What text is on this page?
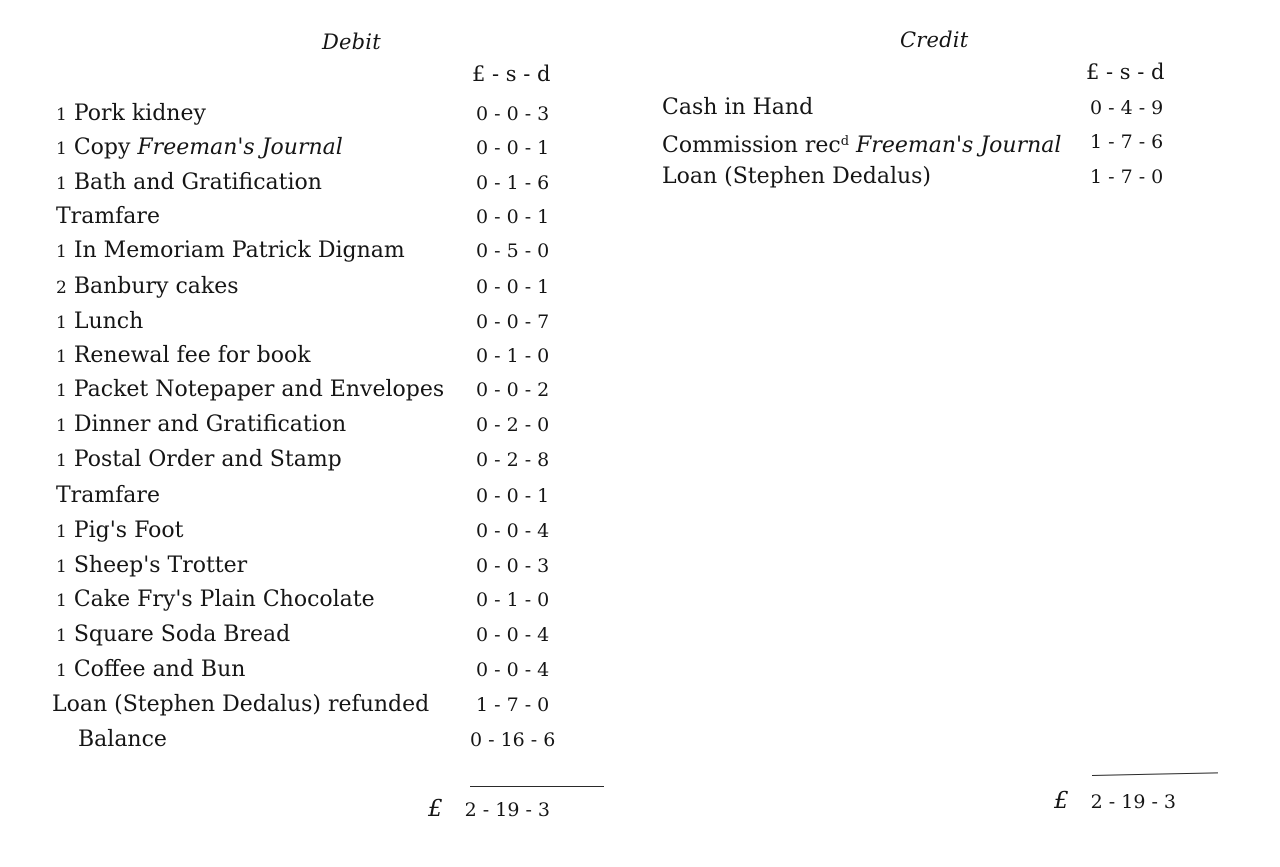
Debit
£ - s - d
1 Pork kidney	0 - 0 - 3
1 Copy Freeman's Journal	0 - 0 - 1
1 Bath and Gratification	0 - 1 - 6
Tramfare	0 - 0 - 1
1 In Memoriam Patrick Dignam	0 - 5 - 0
2 Banbury cakes	0 - 0 - 1
1 Lunch	0 - 0 - 7
1 Renewal fee for book	0 - 1 - 0
1 Packet Notepaper and Envelopes 0 - 0 - 2
1 Dinner and Gratification	0 - 2 - 0
1 Postal Order and Stamp	0 - 2 - 8
Tramfare	0 - 0 - 1
1 Pig's Foot	0 - 0 - 4
1 Sheep's Trotter	0 - 0 - 3
1 Cake Fry's Plain Chocolate	0 - 1 - 0
1 Square Soda Bread	0 - 0 - 4
1 Coffee and Bun	0 - 0 - 4
Loan (Stephen Dedalus) refunded 1 - 7 - 0
Balance	0 - 16 - 6
£ 2 - 19 - 3
Credit
£ - s - d
Cash in Hand	0 - 4 - 9
Commission rec$^d$ Freeman's Journal 1 - 7 - 6
Loan (Stephen Dedalus)	1 - 7 - 0
£ 2 - 19 - 3
